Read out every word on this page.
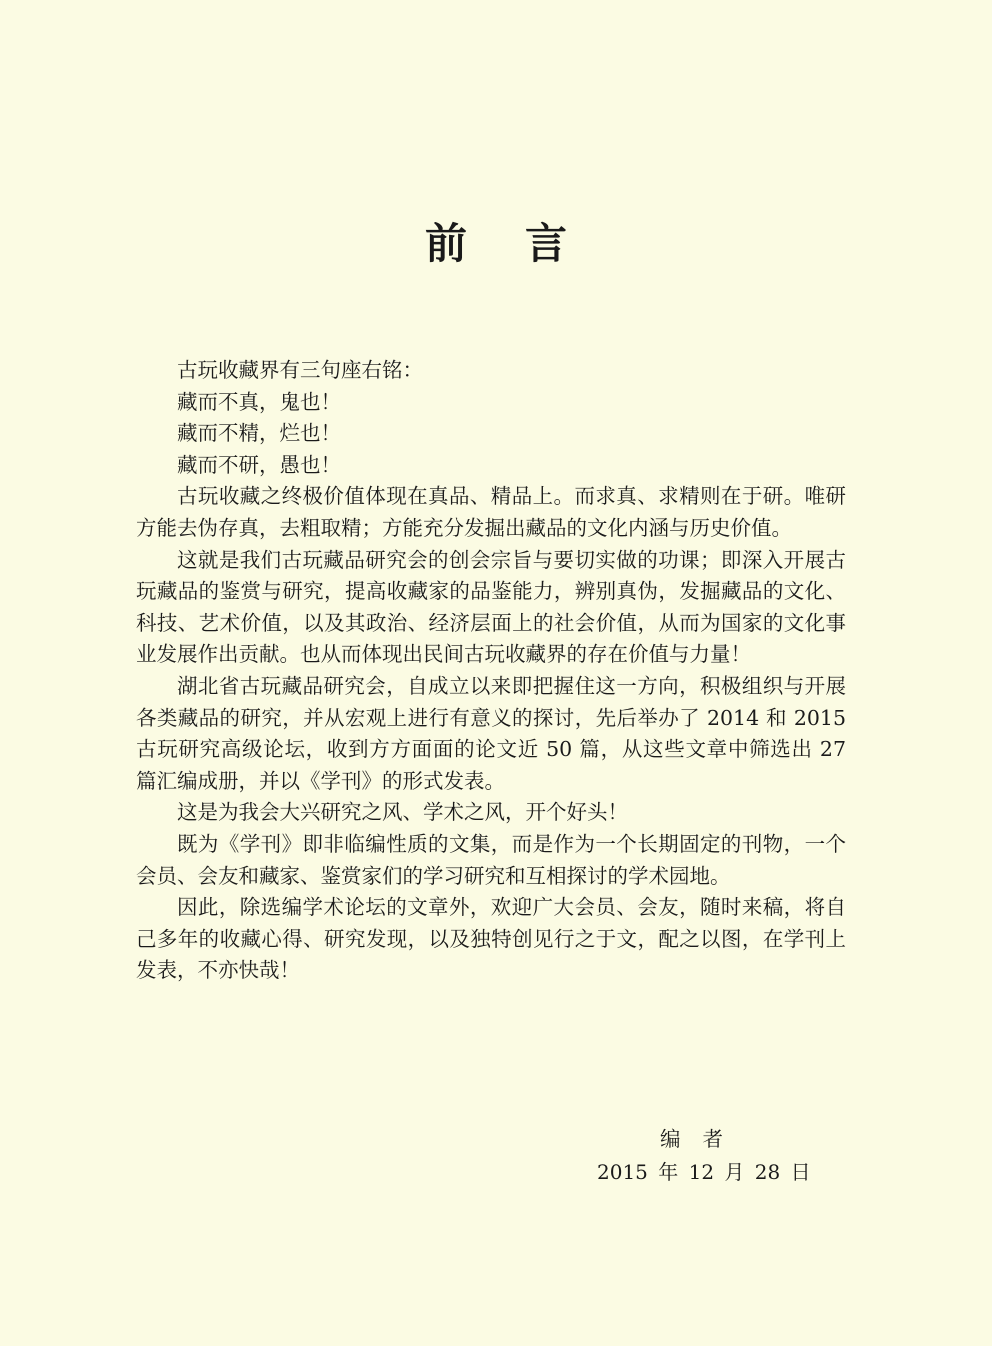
前言

古玩收藏界有三句座右铭：

藏而不真，鬼也！

藏而不精，烂也！

藏而不研，愚也！

古玩收藏之终极价值体现在真品、精品上。而求真、求精则在于研。唯研方能去伪存真，去粗取精；方能充分发掘出藏品的文化内涵与历史价值。

这就是我们古玩藏品研究会的创会宗旨与要切实做的功课；即深入开展古玩藏品的鉴赏与研究，提高收藏家的品鉴能力，辨别真伪，发掘藏品的文化、科技、艺术价值，以及其政治、经济层面上的社会价值，从而为国家的文化事业发展作出贡献。也从而体现出民间古玩收藏界的存在价值与力量！

湖北省古玩藏品研究会，自成立以来即把握住这一方向，积极组织与开展各类藏品的研究，并从宏观上进行有意义的探讨，先后举办了 2014 和 2015 古玩研究高级论坛，收到方方面面的论文近 50 篇，从这些文章中筛选出 27 篇汇编成册，并以《学刊》的形式发表。

这是为我会大兴研究之风、学术之风，开个好头！

既为《学刊》即非临编性质的文集，而是作为一个长期固定的刊物，一个会员、会友和藏家、鉴赏家们的学习研究和互相探讨的学术园地。

因此，除选编学术论坛的文章外，欢迎广大会员、会友，随时来稿，将自己多年的收藏心得、研究发现，以及独特创见行之于文，配之以图，在学刊上发表，不亦快哉！

编者
2015 年 12 月 28 日
